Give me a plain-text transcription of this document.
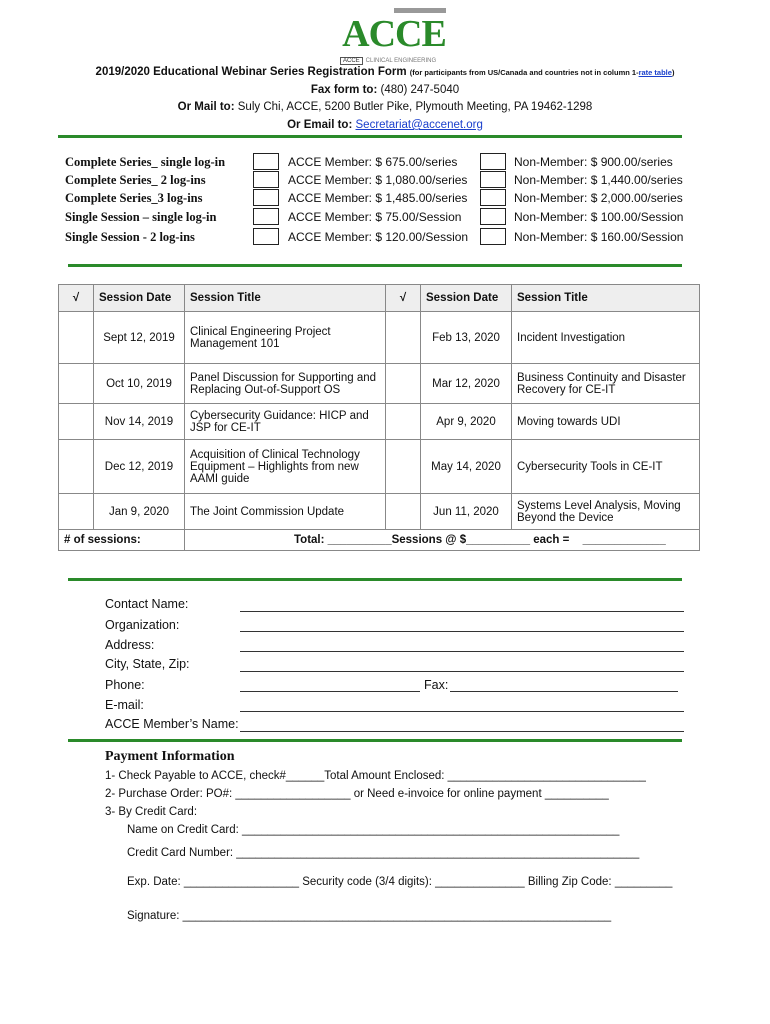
ACCE
ACCE CLINICAL ENGINEERING
2019/2020 Educational Webinar Series Registration Form (for participants from US/Canada and countries not in column 1-rate table)
Fax form to: (480) 247-5040
Or Mail to: Suly Chi, ACCE, 5200 Butler Pike, Plymouth Meeting, PA 19462-1298
Or Email to: Secretariat@accenet.org
Complete Series_ single log-in	ACCE Member: $ 675.00/series	Non-Member: $ 900.00/series
Complete Series_ 2 log-ins	ACCE Member: $ 1,080.00/series	Non-Member: $ 1,440.00/series
Complete Series_3 log-ins	ACCE Member: $ 1,485.00/series	Non-Member: $ 2,000.00/series
Single Session – single log-in	ACCE Member: $ 75.00/Session	Non-Member: $ 100.00/Session
Single Session - 2 log-ins	ACCE Member: $ 120.00/Session	Non-Member: $ 160.00/Session
√	Session Date	Session Title	√	Session Date	Session Title
	Sept 12, 2019	Clinical Engineering Project Management 101		Feb 13, 2020	Incident Investigation
	Oct 10, 2019	Panel Discussion for Supporting and Replacing Out-of-Support OS		Mar 12, 2020	Business Continuity and Disaster Recovery for CE-IT
	Nov 14, 2019	Cybersecurity Guidance: HICP and JSP for CE-IT		Apr 9, 2020	Moving towards UDI
	Dec 12, 2019	Acquisition of Clinical Technology Equipment – Highlights from new AAMI guide		May 14, 2020	Cybersecurity Tools in CE-IT
	Jan 9, 2020	The Joint Commission Update		Jun 11, 2020	Systems Level Analysis, Moving Beyond the Device
# of sessions:		Total: __________Sessions @ $__________ each = _____________			
Contact Name:
Organization:
Address:
City, State, Zip:
Phone:	Fax:
E-mail:
ACCE Member’s Name:
Payment Information
1- Check Payable to ACCE, check#______Total Amount Enclosed: _______________________________
2- Purchase Order: PO#: __________________ or Need e-invoice for online payment __________
3- By Credit Card:
Name on Credit Card: ___________________________________________________________
Credit Card Number: _______________________________________________________________
Exp. Date: __________________ Security code (3/4 digits): ______________ Billing Zip Code: _________
Signature: ___________________________________________________________________
